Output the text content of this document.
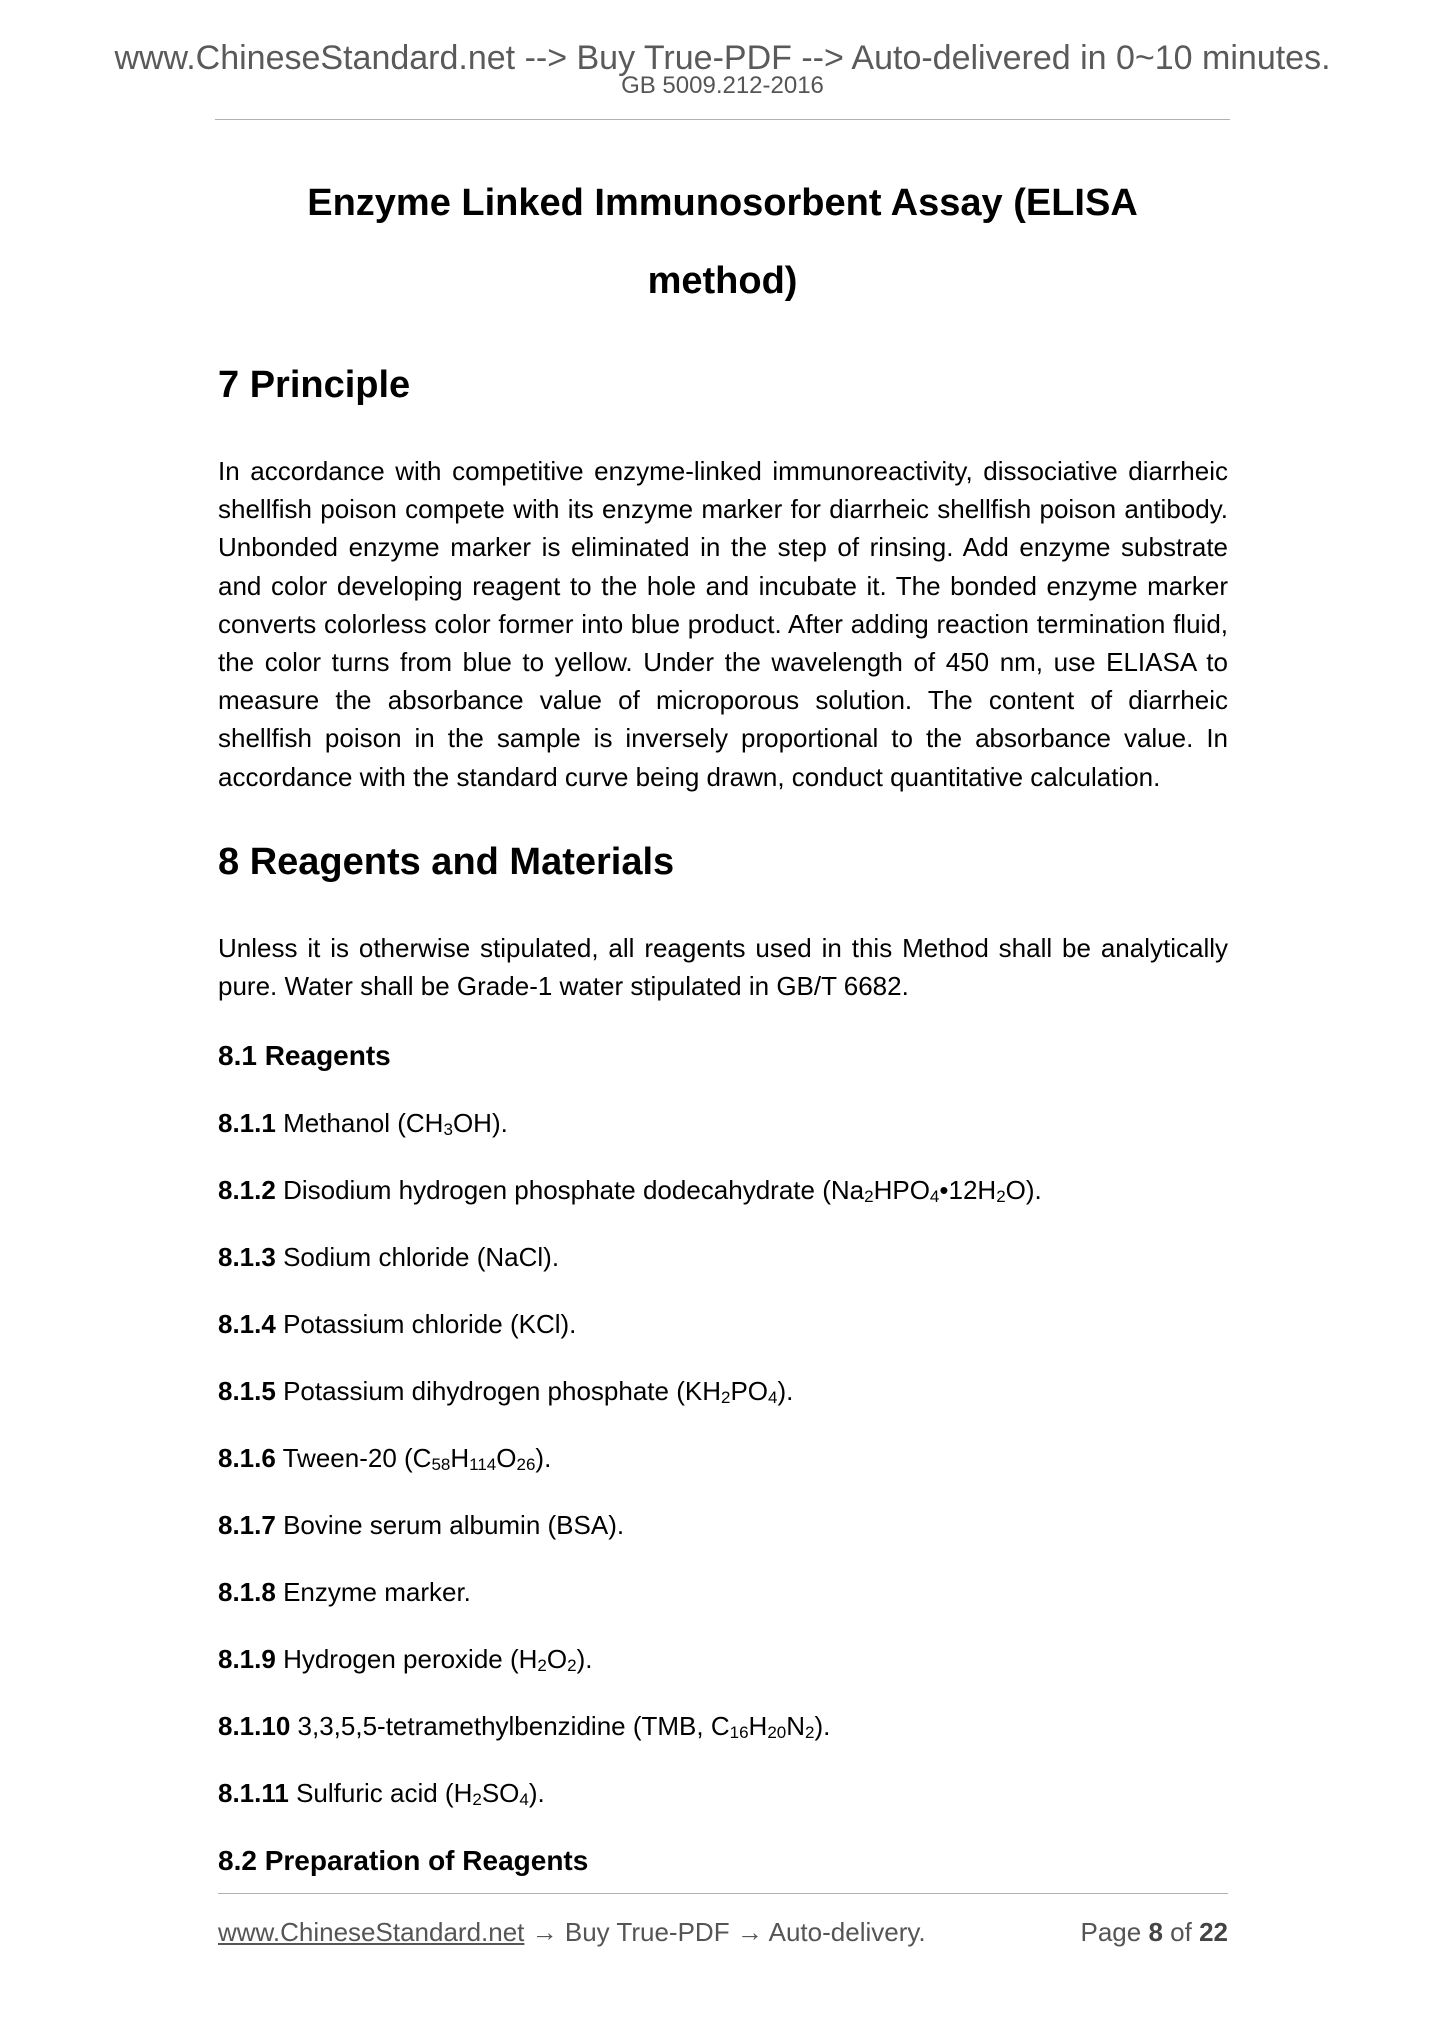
www.ChineseStandard.net --> Buy True-PDF --> Auto-delivered in 0~10 minutes.
GB 5009.212-2016
Enzyme Linked Immunosorbent Assay (ELISA
method)
7 Principle

In accordance with competitive enzyme-linked immunoreactivity, dissociative diarrheic shellfish poison compete with its enzyme marker for diarrheic shellfish poison antibody. Unbonded enzyme marker is eliminated in the step of rinsing. Add enzyme substrate and color developing reagent to the hole and incubate it. The bonded enzyme marker converts colorless color former into blue product. After adding reaction termination fluid, the color turns from blue to yellow. Under the wavelength of 450 nm, use ELIASA to measure the absorbance value of microporous solution. The content of diarrheic shellfish poison in the sample is inversely proportional to the absorbance value. In accordance with the standard curve being drawn, conduct quantitative calculation.

8 Reagents and Materials

Unless it is otherwise stipulated, all reagents used in this Method shall be analytically pure. Water shall be Grade-1 water stipulated in GB/T 6682.

8.1 Reagents
8.1.1 Methanol $(CH_3OH)$.
8.1.2 Disodium hydrogen phosphate dodecahydrate $(Na_2HPO_4•12H_2O)$.
8.1.3 Sodium chloride (NaCl).
8.1.4 Potassium chloride (KCl).
8.1.5 Potassium dihydrogen phosphate $(KH_2PO_4)$.
8.1.6 Tween-20 $(C_{58}H_{114}O_{26})$.
8.1.7 Bovine serum albumin (BSA).
8.1.8 Enzyme marker.
8.1.9 Hydrogen peroxide $(H_2O_2)$.
8.1.10 3,3,5,5-tetramethylbenzidine (TMB, $C_{16}H_{20}N_2$).
8.1.11 Sulfuric acid $(H_2SO_4)$.
8.2 Preparation of Reagents
www.ChineseStandard.net → Buy True-PDF → Auto-delivery.	Page 8 of 22
